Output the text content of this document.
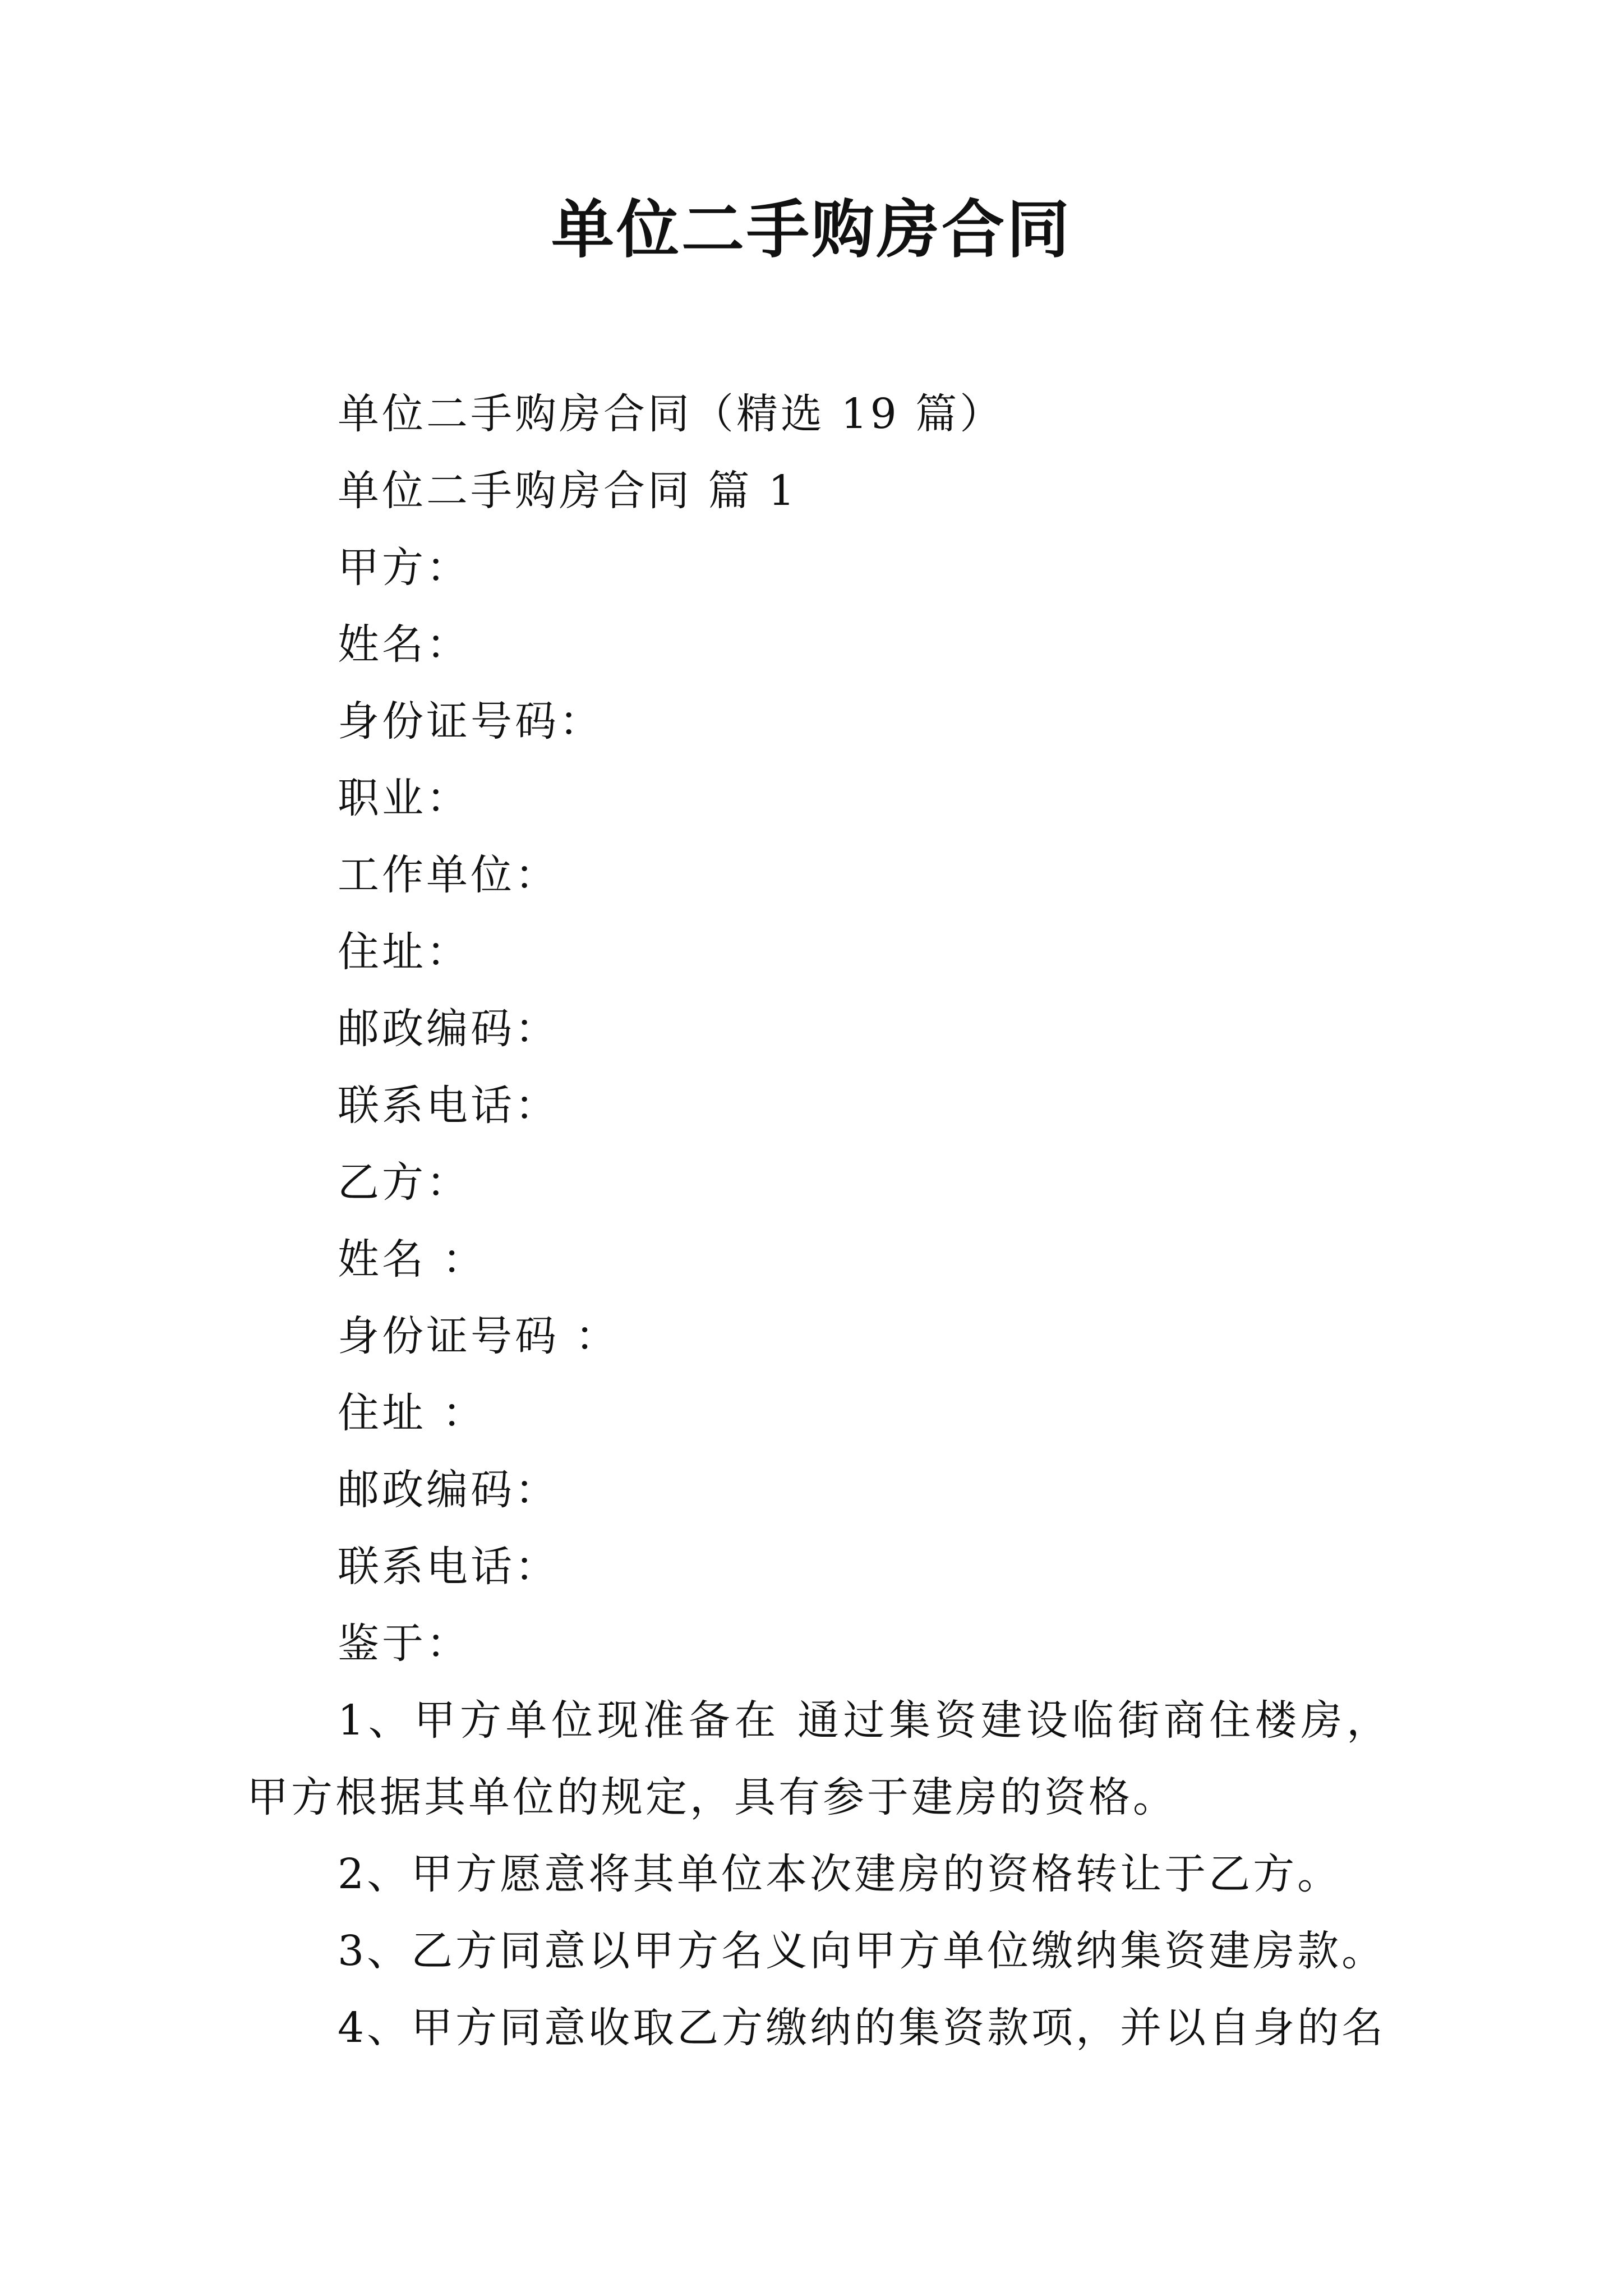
单位二手购房合同

单位二手购房合同（精选 19 篇）

单位二手购房合同 篇 1

甲方：

姓名：

身份证号码：

职业：

工作单位：

住址：

邮政编码：

联系电话：

乙方：

姓名 ：

身份证号码 ：

住址 ：

邮政编码：

联系电话：

鉴于：

1、甲方单位现准备在 通过集资建设临街商住楼房，甲方根据其单位的规定，具有参于建房的资格。

2、甲方愿意将其单位本次建房的资格转让于乙方。

3、乙方同意以甲方名义向甲方单位缴纳集资建房款。

4、甲方同意收取乙方缴纳的集资款项，并以自身的名
